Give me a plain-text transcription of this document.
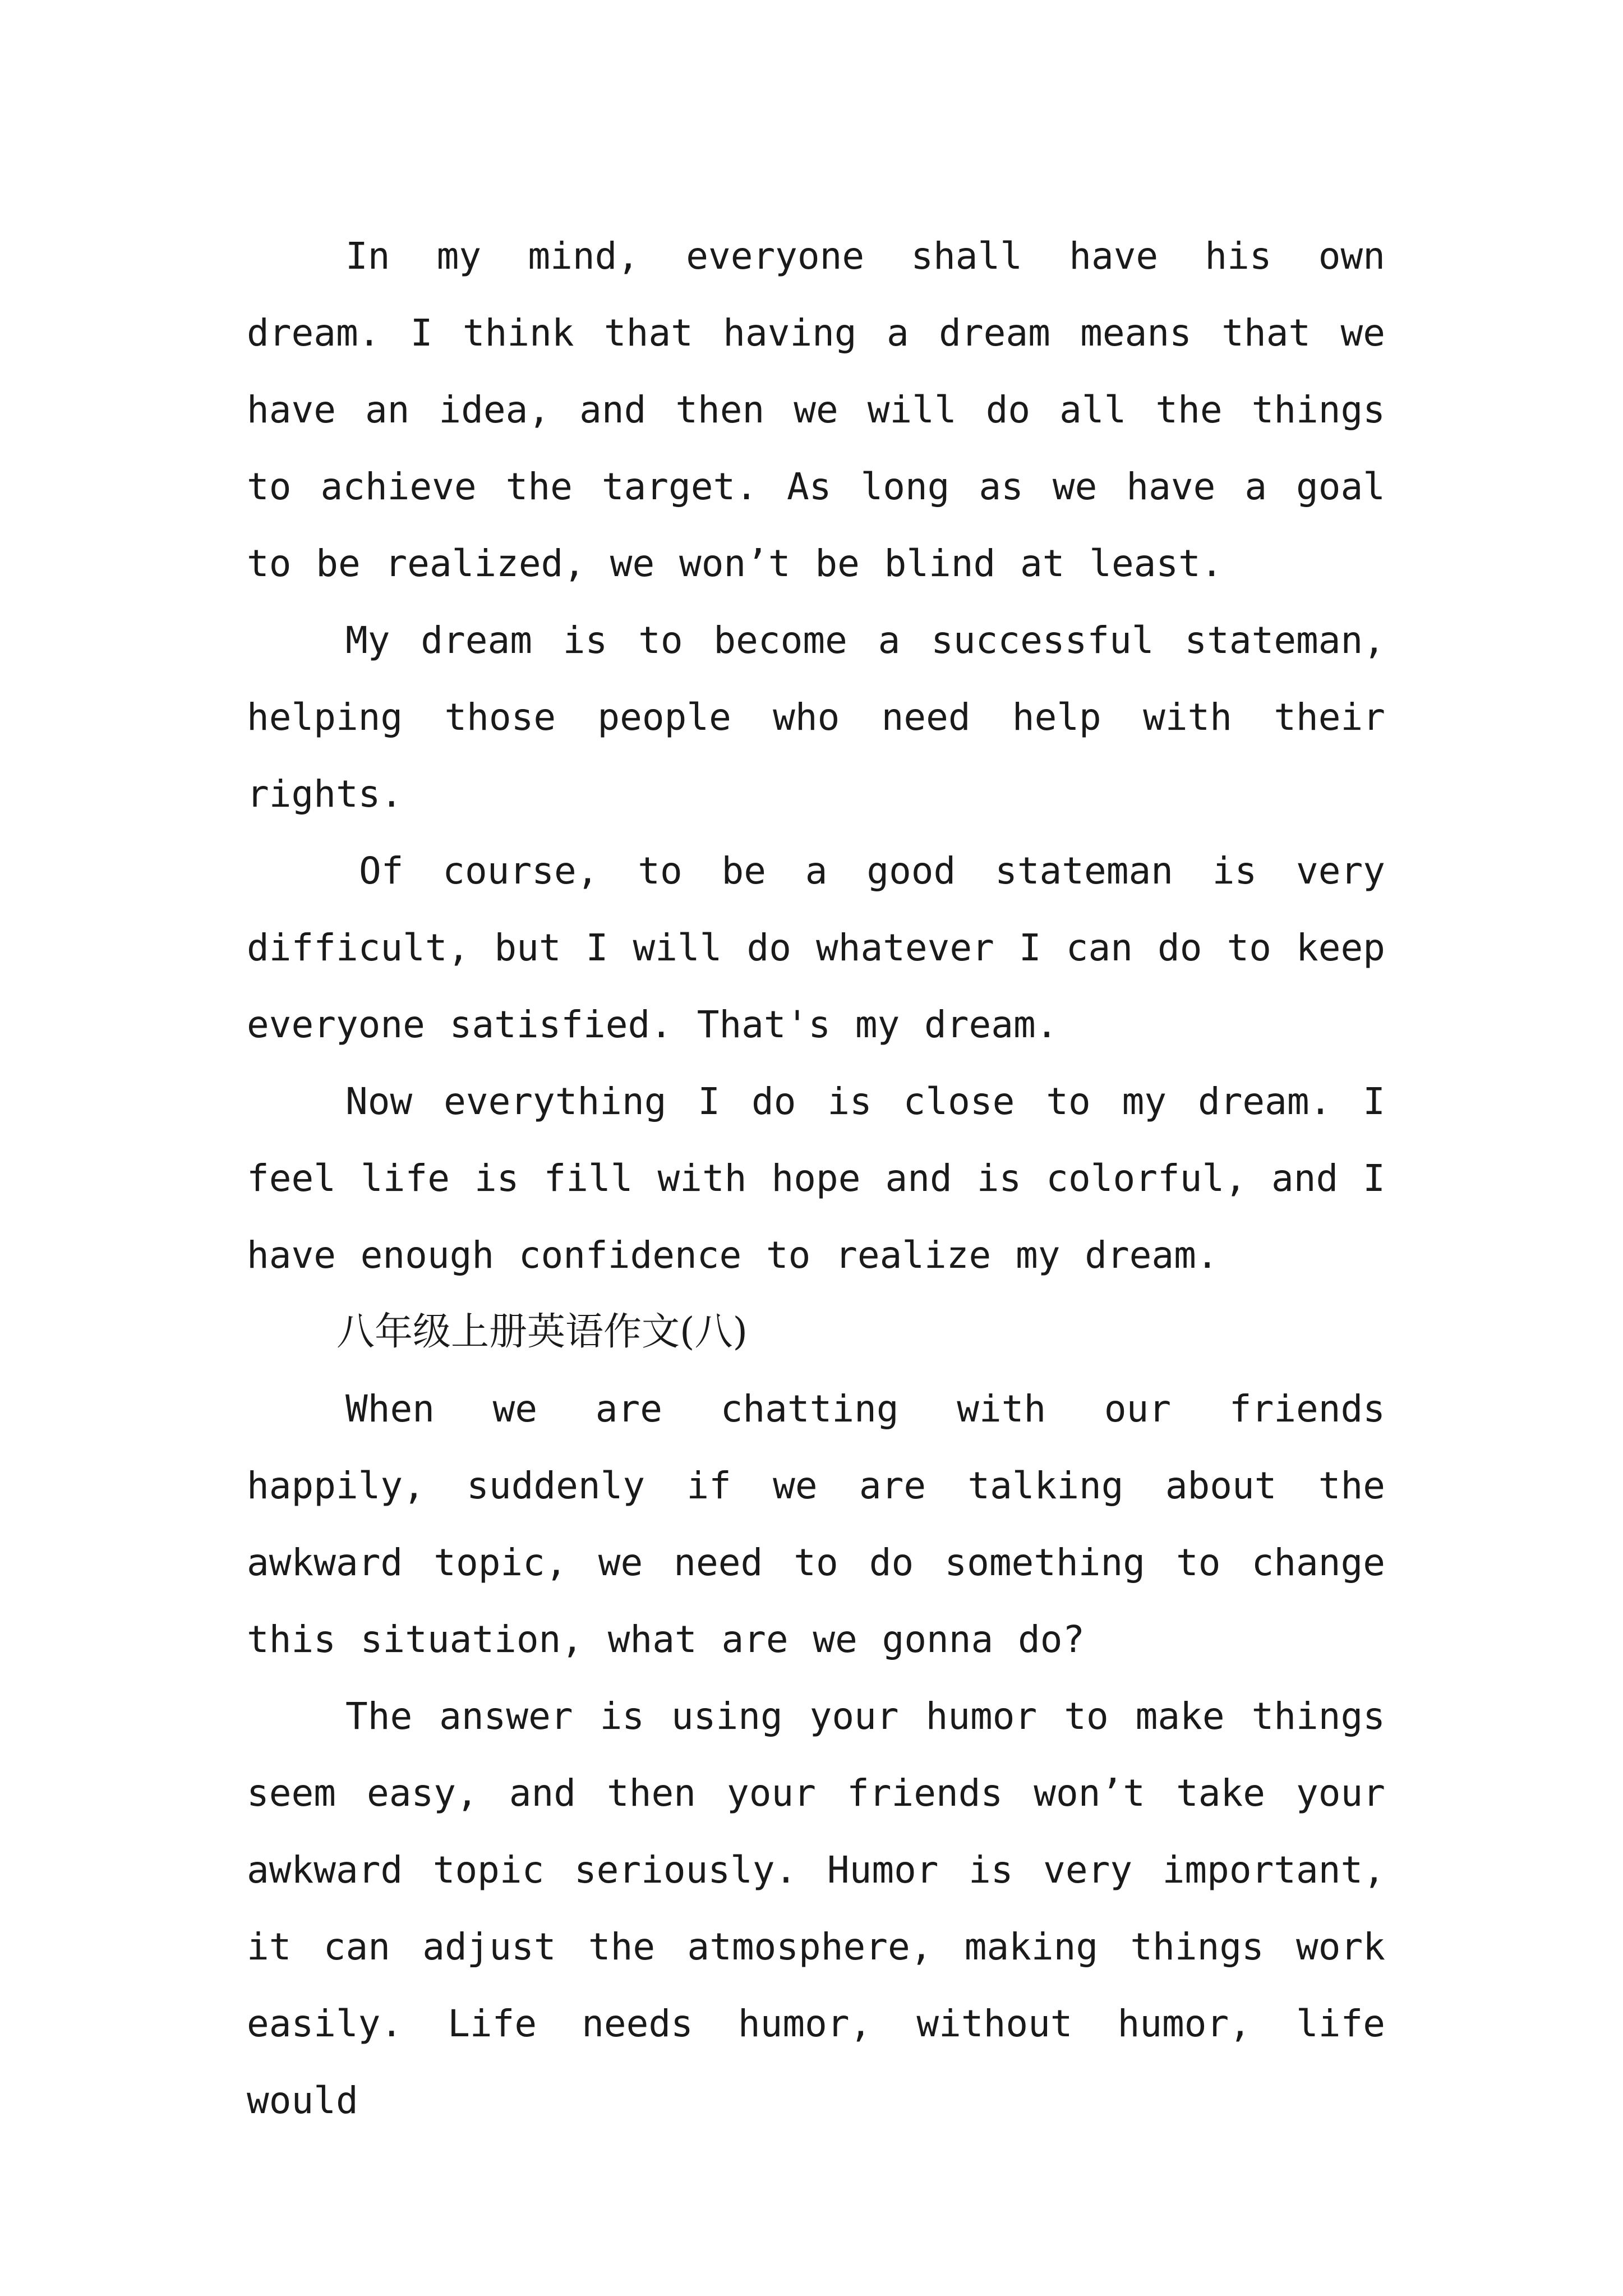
In my mind, everyone shall have his own dream. I think that having a dream means that we have an idea, and then we will do all the things to achieve the target. As long as we have a goal to be realized, we won’t be blind at least.

My dream is to become a successful stateman, helping those people who need help with their rights.

Of course, to be a good stateman is very difficult, but I will do whatever I can do to keep everyone satisfied. That's my dream.

Now everything I do is close to my dream. I feel life is fill with hope and is colorful, and I have enough confidence to realize my dream.

八年级上册英语作文(八)

When we are chatting with our friends happily, suddenly if we are talking about the awkward topic, we need to do something to change this situation, what are we gonna do?

The answer is using your humor to make things seem easy, and then your friends won’t take your awkward topic seriously. Humor is very important, it can adjust the atmosphere, making things work easily. Life needs humor, without humor, life would
